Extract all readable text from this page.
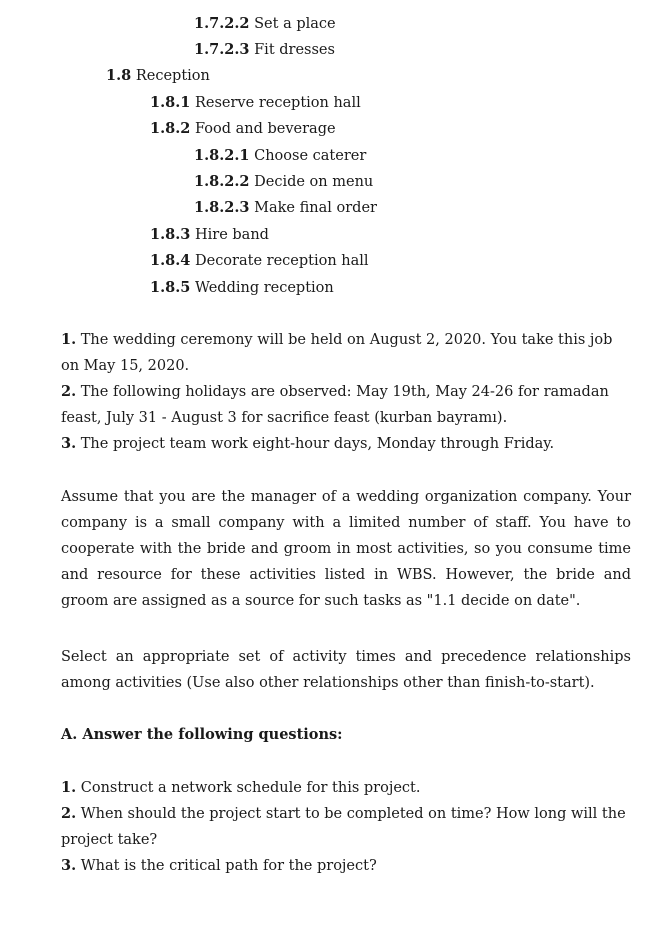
1.7.2.2 Set a place
1.7.2.3 Fit dresses
1.8 Reception
1.8.1 Reserve reception hall
1.8.2 Food and beverage
1.8.2.1 Choose caterer
1.8.2.2 Decide on menu
1.8.2.3 Make final order
1.8.3 Hire band
1.8.4 Decorate reception hall
1.8.5 Wedding reception
1. The wedding ceremony will be held on August 2, 2020. You take this job on May 15, 2020.
2. The following holidays are observed: May 19th, May 24-26 for ramadan feast, July 31 - August 3 for sacrifice feast (kurban bayramı).
3. The project team work eight-hour days, Monday through Friday.
Assume that you are the manager of a wedding organization company. Your company is a small company with a limited number of staff. You have to cooperate with the bride and groom in most activities, so you consume time and resource for these activities listed in WBS. However, the bride and groom are assigned as a source for such tasks as "1.1 decide on date".
Select an appropriate set of activity times and precedence relationships among activities (Use also other relationships other than finish-to-start).
A. Answer the following questions:
1. Construct a network schedule for this project.
2. When should the project start to be completed on time? How long will the project take?
3. What is the critical path for the project?
